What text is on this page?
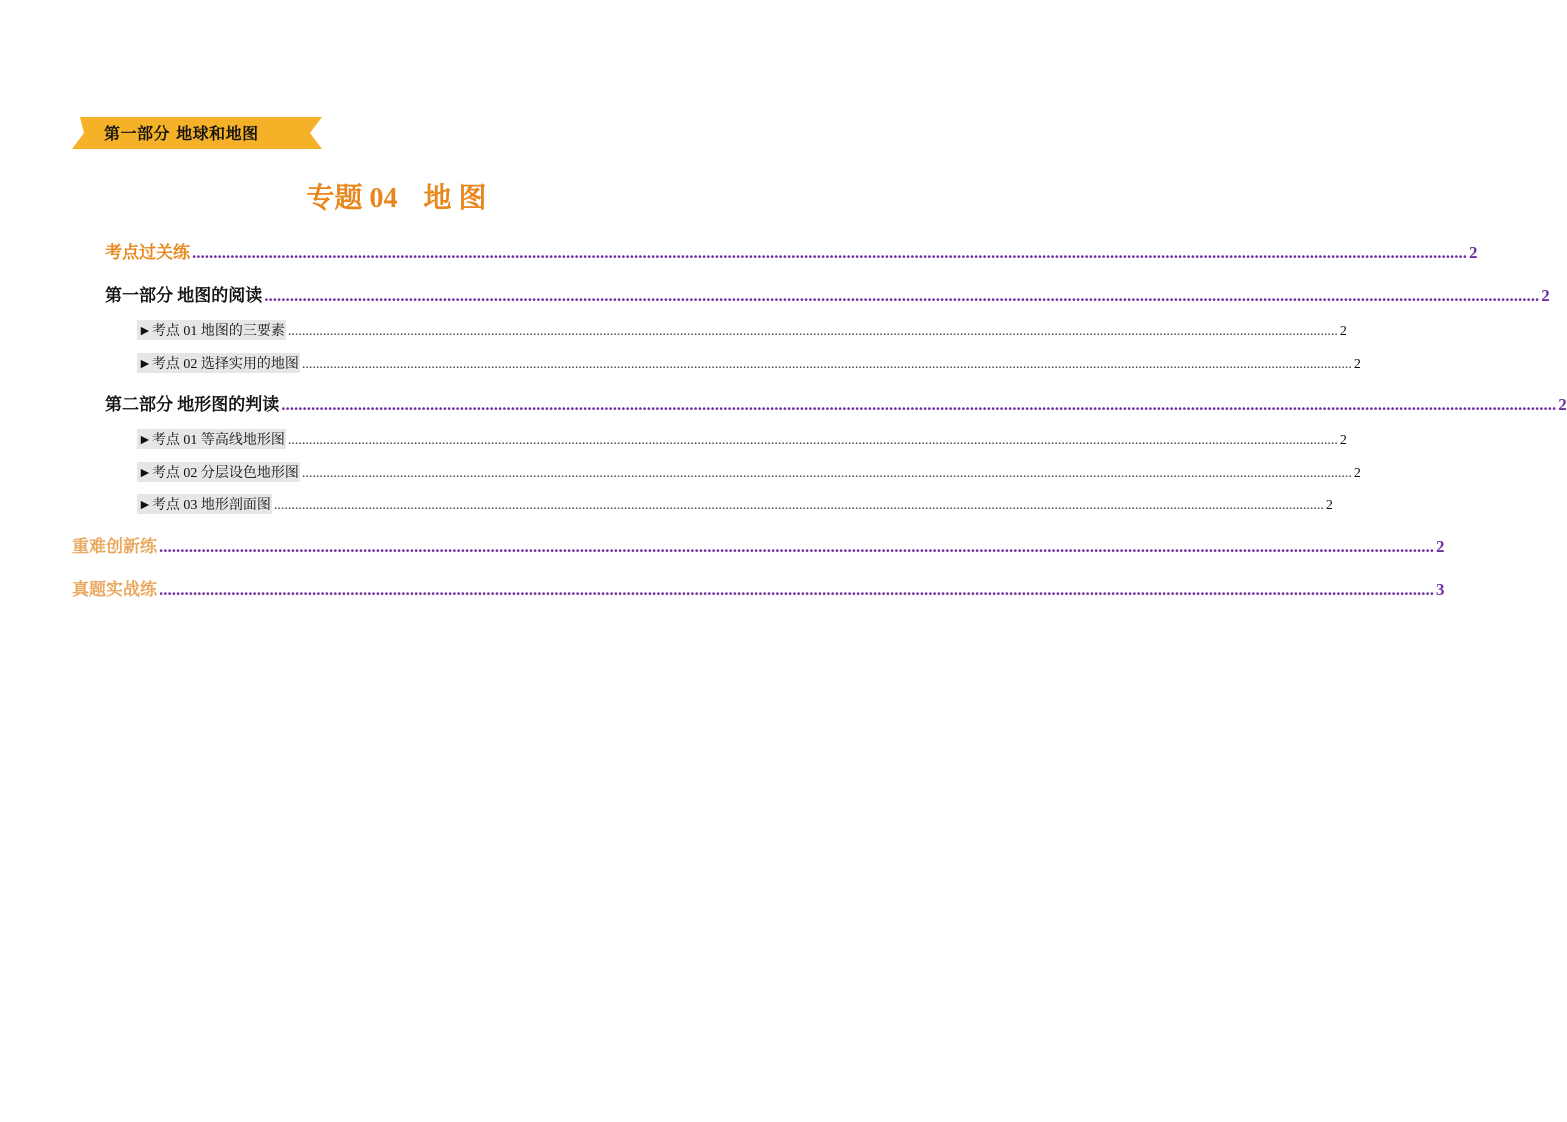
第一部分 地球和地图
专题 04 地 图
考点过关练 ............................................................................................................................................................................................................................................................................................................ 2
第一部分 地图的阅读 ............................................................................................................................................................................................................................................................................................................ 2
►考点 01 地图的三要素 ............................................................................................................................................................................................................................................................................................................ 2
►考点 02 选择实用的地图 ............................................................................................................................................................................................................................................................................................................ 2
第二部分 地形图的判读 ............................................................................................................................................................................................................................................................................................................ 2
►考点 01 等高线地形图 ............................................................................................................................................................................................................................................................................................................ 2
►考点 02 分层设色地形图 ............................................................................................................................................................................................................................................................................................................ 2
►考点 03 地形剖面图 ............................................................................................................................................................................................................................................................................................................ 2
重难创新练 ............................................................................................................................................................................................................................................................................................................ 2
真题实战练 ............................................................................................................................................................................................................................................................................................................ 3
